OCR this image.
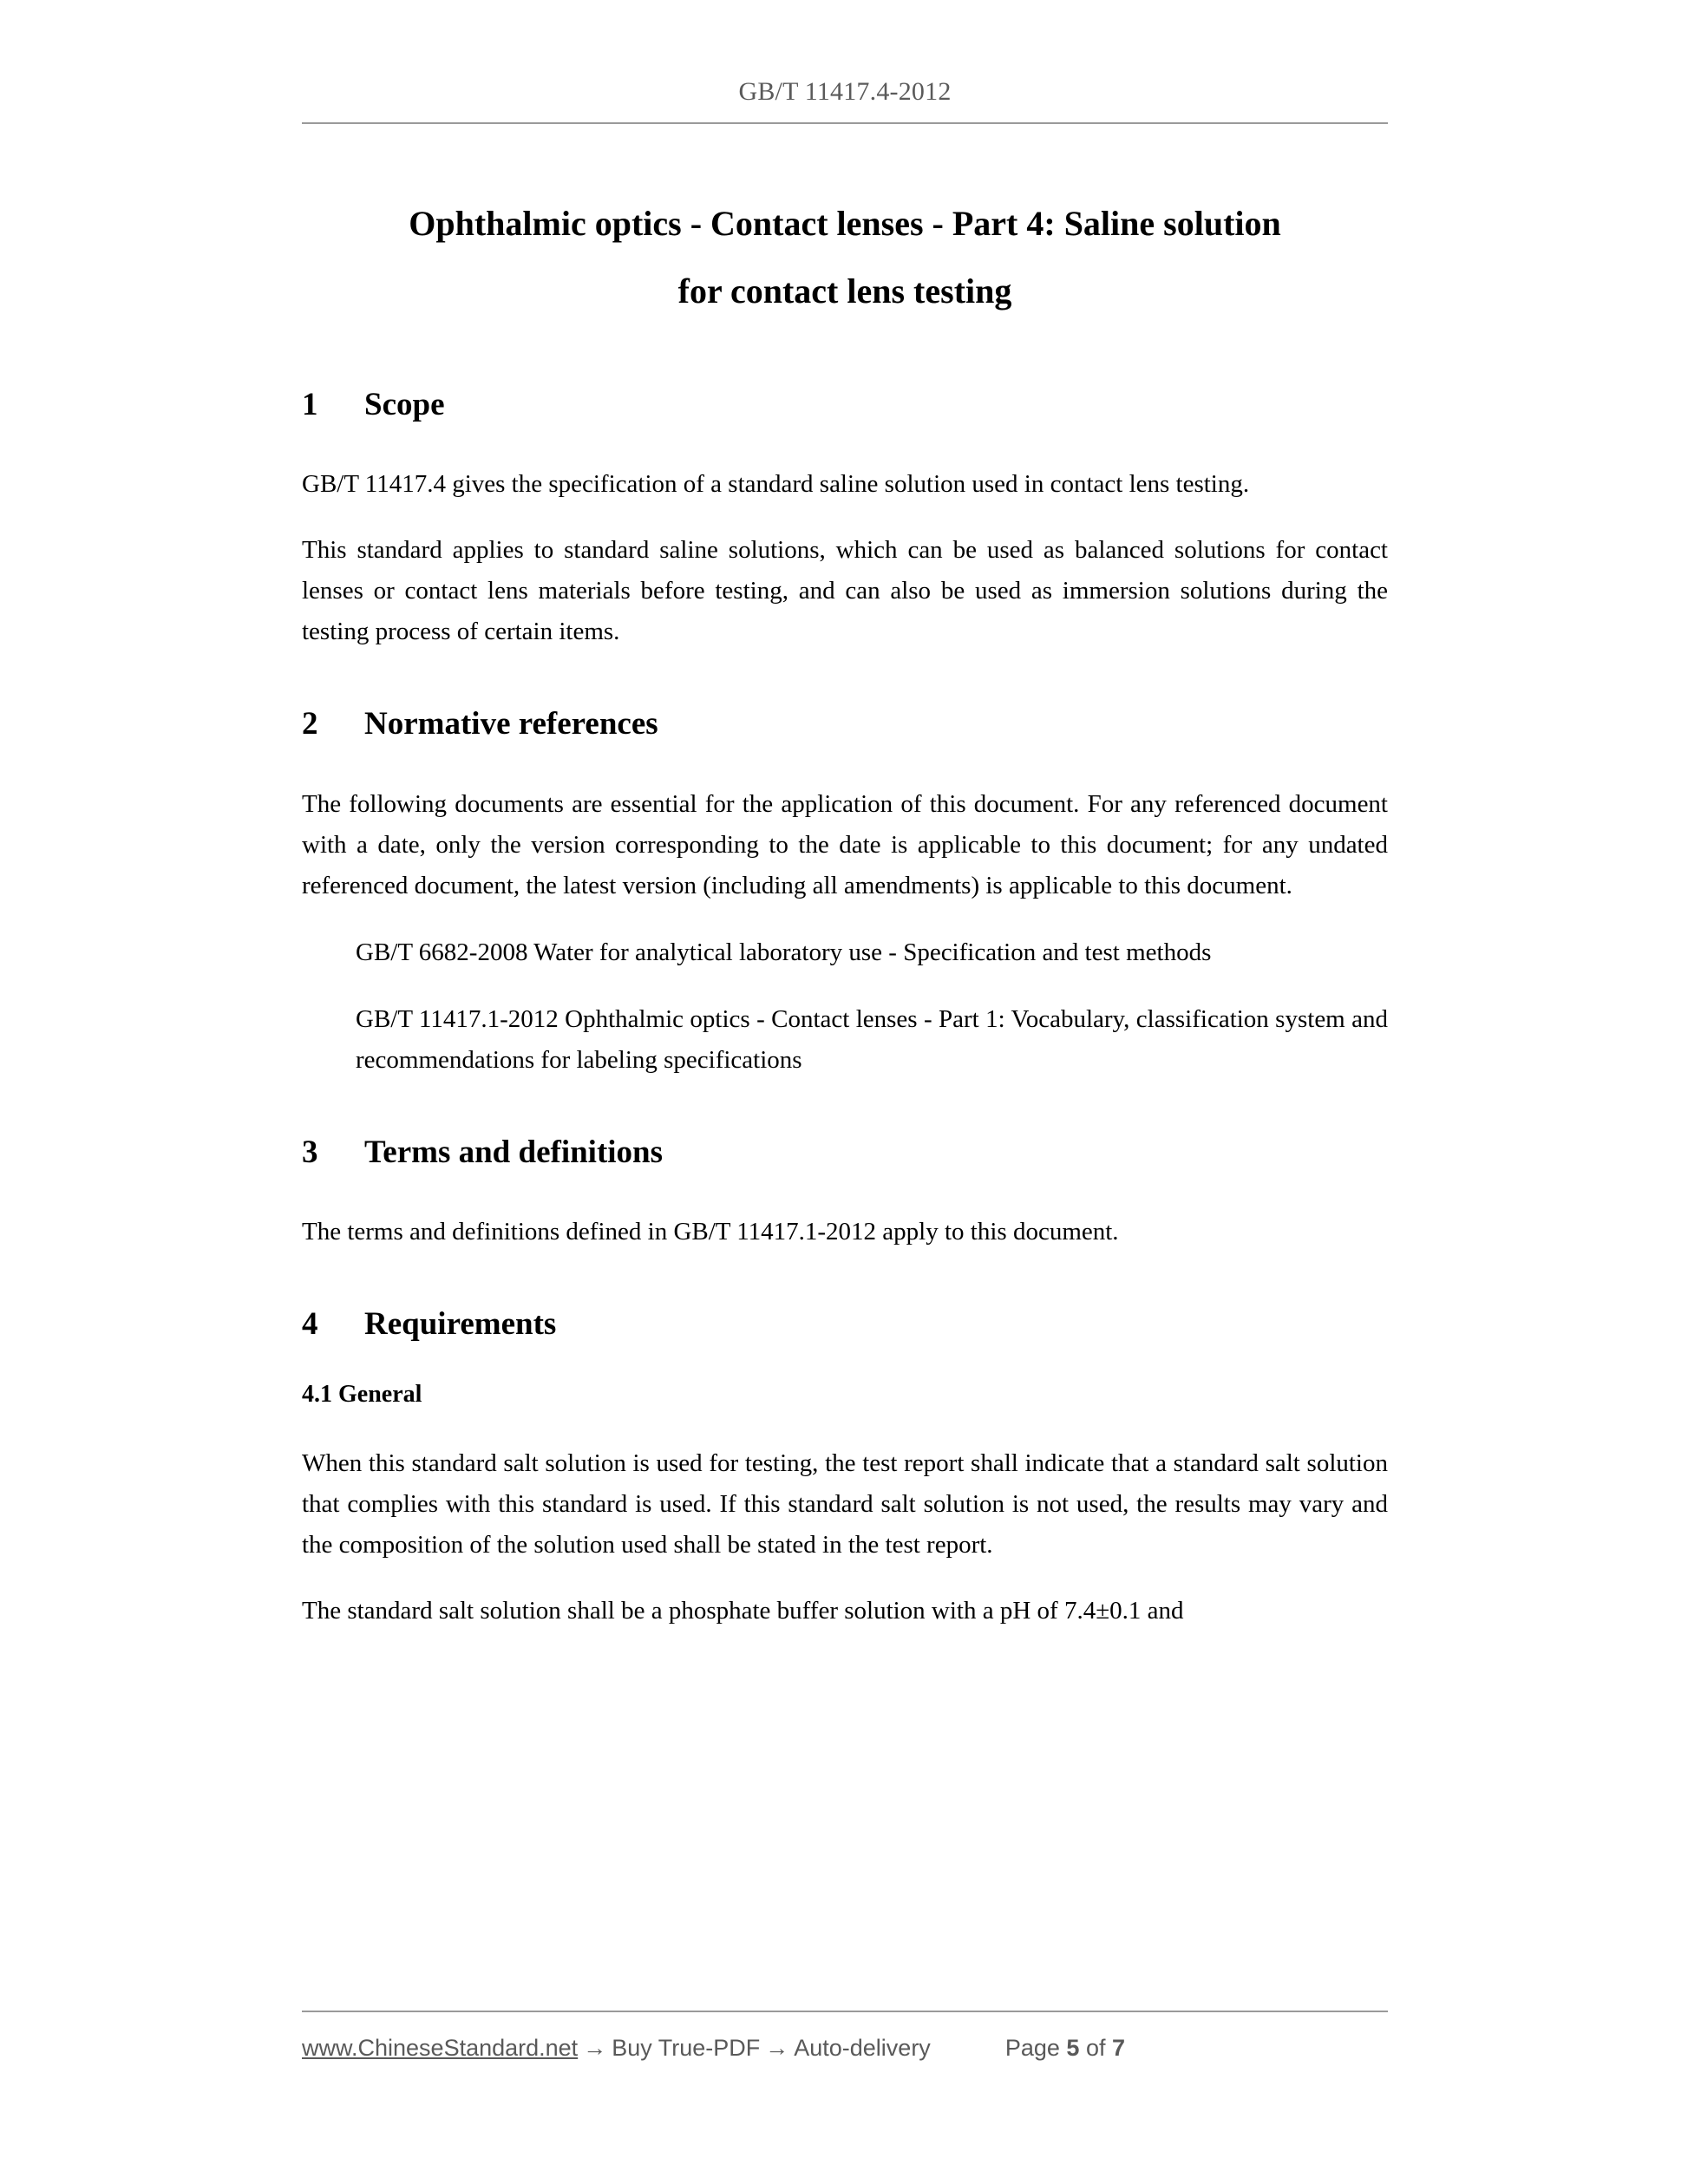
GB/T 11417.4-2012
Ophthalmic optics - Contact lenses - Part 4: Saline solution
for contact lens testing
1 Scope

GB/T 11417.4 gives the specification of a standard saline solution used in contact lens testing.

This standard applies to standard saline solutions, which can be used as balanced solutions for contact lenses or contact lens materials before testing, and can also be used as immersion solutions during the testing process of certain items.

2 Normative references

The following documents are essential for the application of this document. For any referenced document with a date, only the version corresponding to the date is applicable to this document; for any undated referenced document, the latest version (including all amendments) is applicable to this document.

GB/T 6682-2008 Water for analytical laboratory use - Specification and test methods

GB/T 11417.1-2012 Ophthalmic optics - Contact lenses - Part 1: Vocabulary, classification system and recommendations for labeling specifications

3 Terms and definitions

The terms and definitions defined in GB/T 11417.1-2012 apply to this document.

4 Requirements
4.1 General

When this standard salt solution is used for testing, the test report shall indicate that a standard salt solution that complies with this standard is used. If this standard salt solution is not used, the results may vary and the composition of the solution used shall be stated in the test report.

The standard salt solution shall be a phosphate buffer solution with a pH of 7.4±0.1 and

www.ChineseStandard.net → Buy True-PDF → Auto-delivery	Page 5 of 7
